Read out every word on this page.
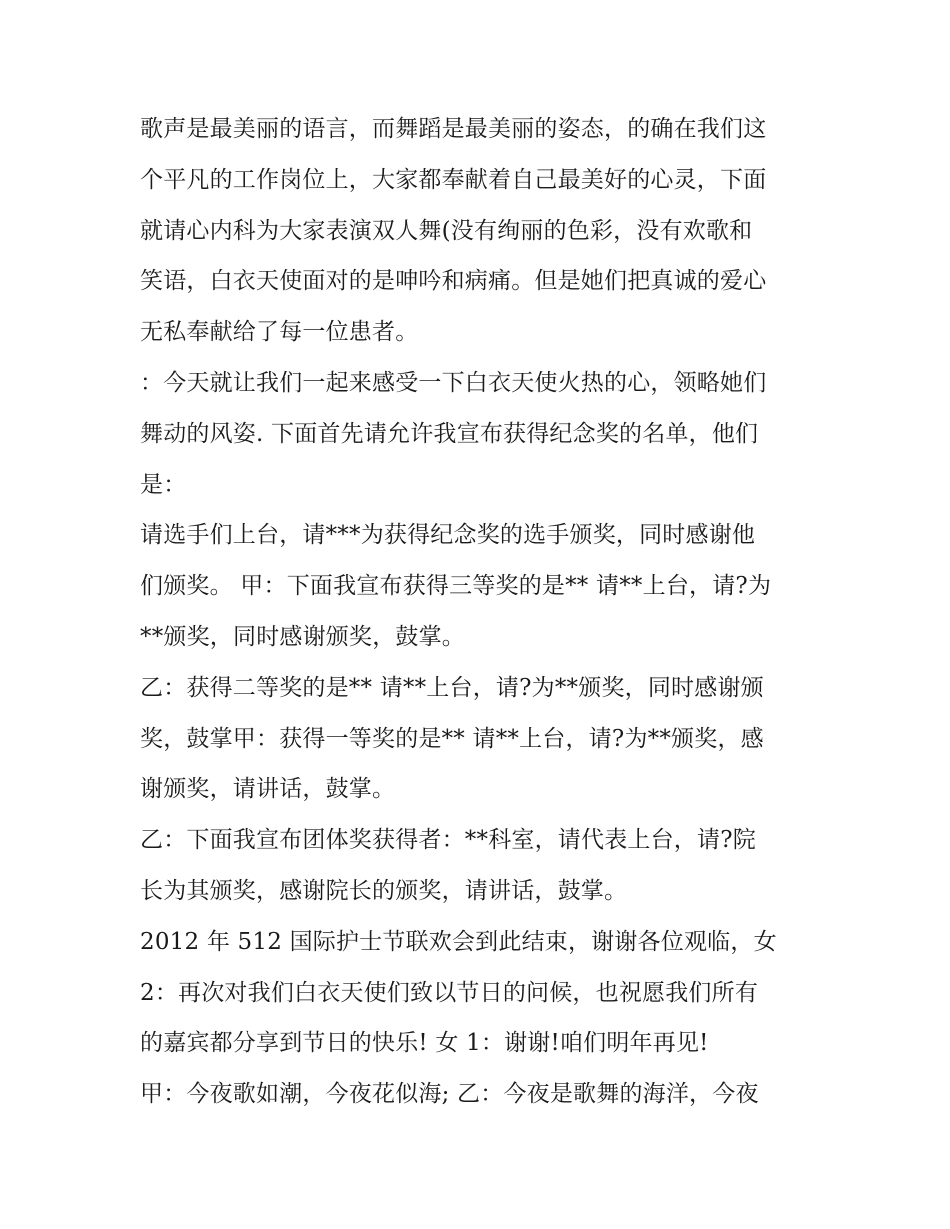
歌声是最美丽的语言，而舞蹈是最美丽的姿态，的确在我们这
个平凡的工作岗位上，大家都奉献着自己最美好的心灵，下面
就请心内科为大家表演双人舞(没有绚丽的色彩，没有欢歌和
笑语，白衣天使面对的是呻吟和病痛。但是她们把真诚的爱心
无私奉献给了每一位患者。
：今天就让我们一起来感受一下白衣天使火热的心，领略她们
舞动的风姿. 下面首先请允许我宣布获得纪念奖的名单，他们
是：
请选手们上台，请***为获得纪念奖的选手颁奖，同时感谢他
们颁奖。 甲：下面我宣布获得三等奖的是** 请**上台，请?为
**颁奖，同时感谢颁奖，鼓掌。
乙：获得二等奖的是** 请**上台，请?为**颁奖，同时感谢颁
奖，鼓掌甲：获得一等奖的是** 请**上台，请?为**颁奖，感
谢颁奖，请讲话，鼓掌。
乙：下面我宣布团体奖获得者：**科室，请代表上台，请?院
长为其颁奖，感谢院长的颁奖，请讲话，鼓掌。
2012 年 512 国际护士节联欢会到此结束，谢谢各位观临，女
2：再次对我们白衣天使们致以节日的问候，也祝愿我们所有
的嘉宾都分享到节日的快乐! 女 1：谢谢!咱们明年再见!
甲：今夜歌如潮，今夜花似海; 乙：今夜是歌舞的海洋，今夜
